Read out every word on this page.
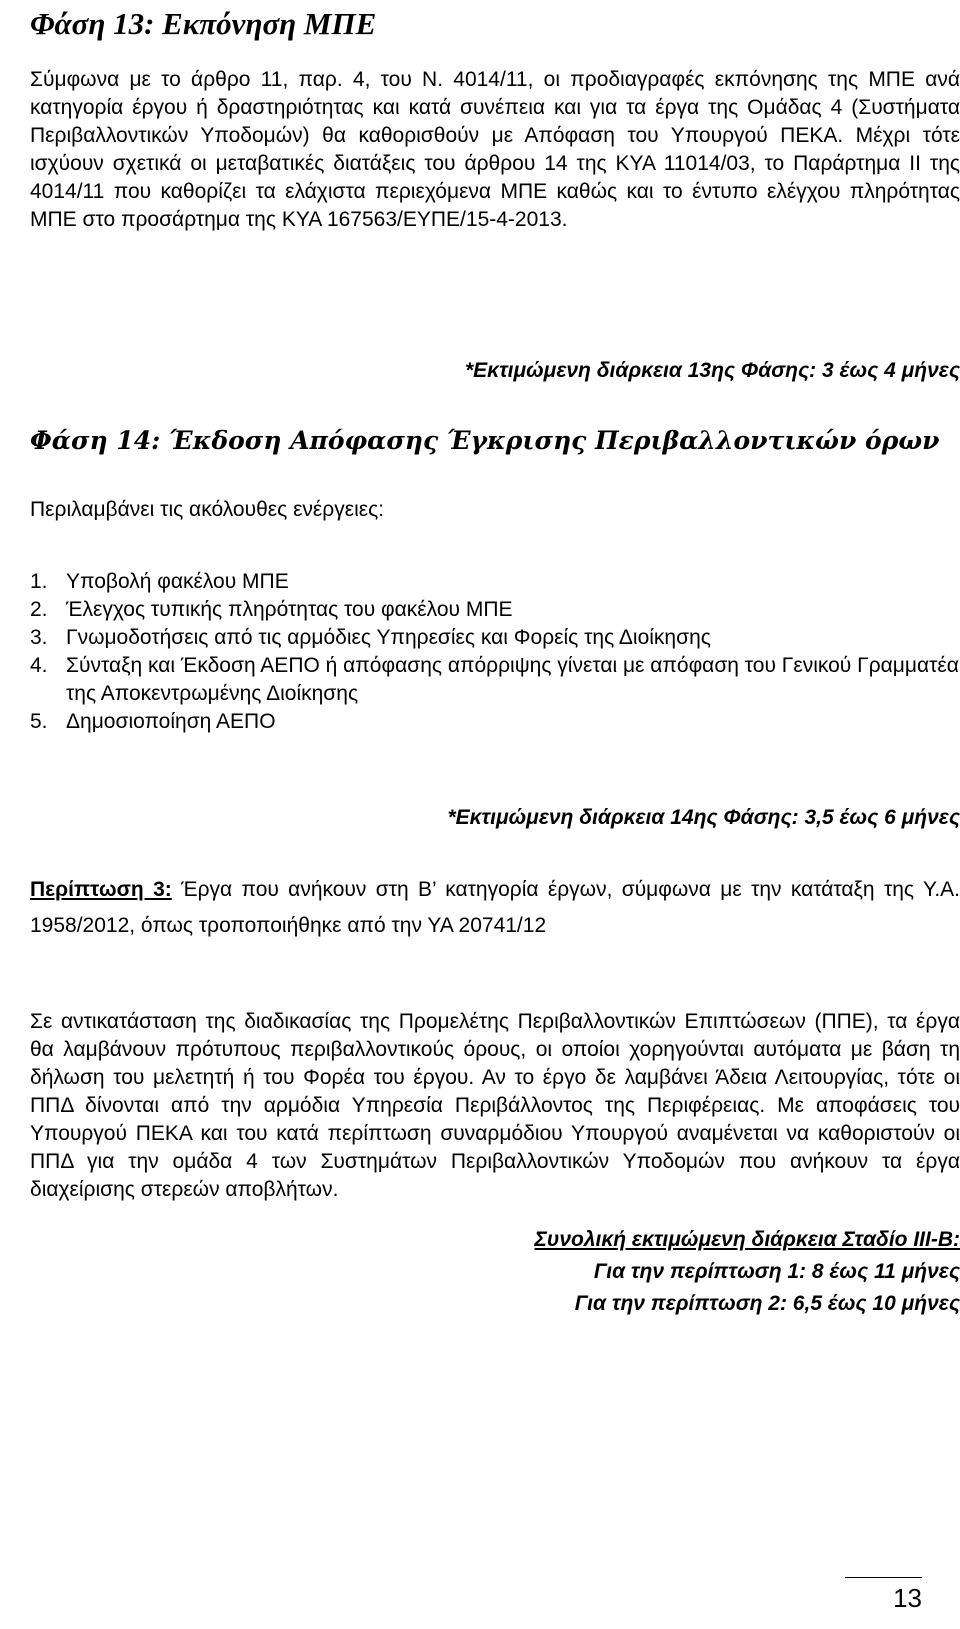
Φάση 13: Εκπόνηση ΜΠΕ
Σύμφωνα με το άρθρο 11, παρ. 4, του Ν. 4014/11, οι προδιαγραφές εκπόνησης της ΜΠΕ ανά κατηγορία έργου ή δραστηριότητας και κατά συνέπεια και για τα έργα της Ομάδας 4 (Συστήματα Περιβαλλοντικών Υποδομών) θα καθορισθούν με Απόφαση του Υπουργού ΠΕΚΑ. Μέχρι τότε ισχύουν σχετικά οι μεταβατικές διατάξεις του άρθρου 14 της ΚΥΑ 11014/03, το Παράρτημα ΙΙ της 4014/11 που καθορίζει τα ελάχιστα περιεχόμενα ΜΠΕ καθώς και το έντυπο ελέγχου πληρότητας ΜΠΕ στο προσάρτημα της ΚΥΑ 167563/ΕΥΠΕ/15-4-2013.
*Εκτιμώμενη διάρκεια 13ης Φάσης: 3 έως 4 μήνες
Φάση 14: Έκδοση Απόφασης Έγκρισης Περιβαλλοντικών όρων
Περιλαμβάνει τις ακόλουθες ενέργειες:
1. Υποβολή φακέλου ΜΠΕ
2. Έλεγχος τυπικής πληρότητας του φακέλου ΜΠΕ
3. Γνωμοδοτήσεις από τις αρμόδιες Υπηρεσίες και Φορείς της Διοίκησης
4. Σύνταξη και Έκδοση ΑΕΠΟ ή απόφασης απόρριψης γίνεται με απόφαση του Γενικού Γραμματέα της Αποκεντρωμένης Διοίκησης
5. Δημοσιοποίηση ΑΕΠΟ
*Εκτιμώμενη διάρκεια 14ης Φάσης: 3,5 έως 6 μήνες
Περίπτωση 3: Έργα που ανήκουν στη Β’ κατηγορία έργων, σύμφωνα με την κατάταξη της Υ.Α. 1958/2012, όπως τροποποιήθηκε από την ΥΑ 20741/12
Σε αντικατάσταση της διαδικασίας της Προμελέτης Περιβαλλοντικών Επιπτώσεων (ΠΠΕ), τα έργα θα λαμβάνουν πρότυπους περιβαλλοντικούς όρους, οι οποίοι χορηγούνται αυτόματα με βάση τη δήλωση του μελετητή ή του Φορέα του έργου. Αν το έργο δε λαμβάνει Άδεια Λειτουργίας, τότε οι ΠΠΔ δίνονται από την αρμόδια Υπηρεσία Περιβάλλοντος της Περιφέρειας. Με αποφάσεις του Υπουργού ΠΕΚΑ και του κατά περίπτωση συναρμόδιου Υπουργού αναμένεται να καθοριστούν οι ΠΠΔ για την ομάδα 4 των Συστημάτων Περιβαλλοντικών Υποδομών που ανήκουν τα έργα διαχείρισης στερεών αποβλήτων.
Συνολική εκτιμώμενη διάρκεια Σταδίο ΙΙΙ-Β:
Για την περίπτωση 1: 8 έως 11 μήνες
Για την περίπτωση 2: 6,5 έως 10 μήνες
13
